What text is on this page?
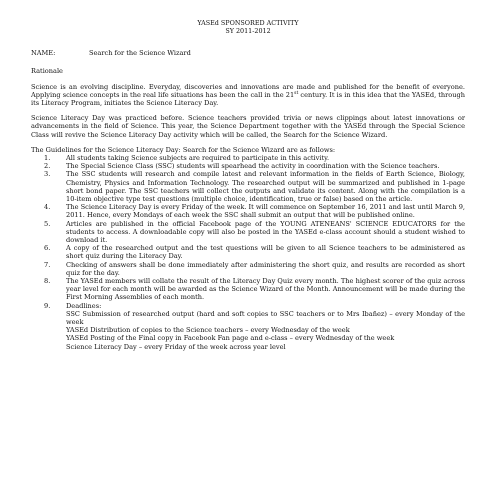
YASEd SPONSORED ACTIVITY
SY 2011-2012
NAME:	Search for the Science Wizard
Rationale

Science is an evolving discipline. Everyday, discoveries and innovations are made and published for the benefit of everyone. Applying science concepts in the real life situations has been the call in the 21st century. It is in this idea that the YASEd, through its Literacy Program, initiates the Science Literacy Day.

Science Literacy Day was practiced before. Science teachers provided trivia or news clippings about latest innovations or advancements in the field of Science. This year, the Science Department together with the YASEd through the Special Science Class will revive the Science Literacy Day activity which will be called, the Search for the Science Wizard.

The Guidelines for the Science Literacy Day: Search for the Science Wizard are as follows:
1.	All students taking Science subjects are required to participate in this activity.
2.	The Special Science Class (SSC) students will spearhead the activity in coordination with the Science teachers.
3.	The SSC students will research and compile latest and relevant information in the fields of Earth Science, Biology, Chemistry, Physics and Information Technology. The researched output will be summarized and published in 1-page short bond paper. The SSC teachers will collect the outputs and validate its content. Along with the compilation is a 10-item objective type test questions (multiple choice, identification, true or false) based on the article.
4.	The Science Literacy Day is every Friday of the week. It will commence on September 16, 2011 and last until March 9, 2011. Hence, every Mondays of each week the SSC shall submit an output that will be published online.
5.	Articles are published in the official Facebook page of the YOUNG ATENEANS' SCIENCE EDUCATORS for the students to access. A downloadable copy will also be posted in the YASEd e-class account should a student wished to download it.
6.	A copy of the researched output and the test questions will be given to all Science teachers to be administered as short quiz during the Literacy Day.
7.	Checking of answers shall be done immediately after administering the short quiz, and results are recorded as short quiz for the day.
8.	The YASEd members will collate the result of the Literacy Day Quiz every month. The highest scorer of the quiz across year level for each month will be awarded as the Science Wizard of the Month. Announcement will be made during the First Morning Assemblies of each month.
9.	Deadlines:
SSC Submission of researched output (hard and soft copies to SSC teachers or to Mrs Ibañez) – every Monday of the week
YASEd Distribution of copies to the Science teachers – every Wednesday of the week
YASEd Posting of the Final copy in Facebook Fan page and e-class – every Wednesday of the week
Science Literacy Day – every Friday of the week across year level
